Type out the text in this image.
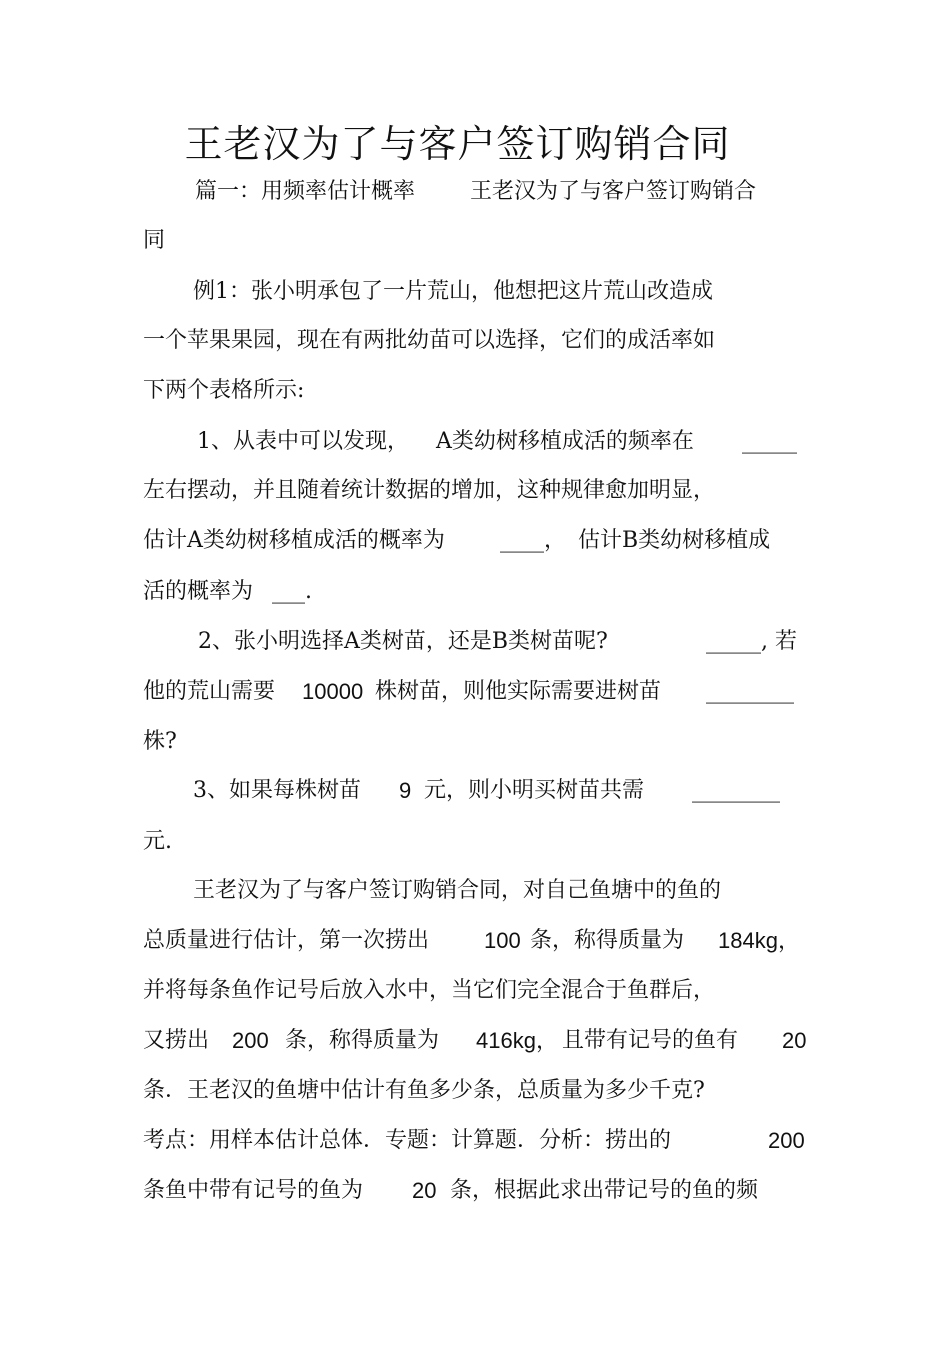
王老汉为了与客户签订购销合同
篇一：用频率估计概率 王老汉为了与客户签订购销合
同
例1：张小明承包了一片荒山，他想把这片荒山改造成
一个苹果果园，现在有两批幼苗可以选择，它们的成活率如
下两个表格所示:
1、从表中可以发现， A类幼树移植成活的频率在 _____
左右摆动，并且随着统计数据的增加，这种规律愈加明显，
估计A类幼树移植成活的概率为	____， 估计B类幼树移植成
活的概率为 ___.
2、张小明选择A类树苗，还是B类树苗呢?	_____, 若
他的荒山需要 10000 株树苗，则他实际需要进树苗 ________
株?
3、如果每株树苗 9 元，则小明买树苗共需 ________
元.
王老汉为了与客户签订购销合同，对自己鱼塘中的鱼的
总质量进行估计，第一次捞出 100 条，称得质量为 184kg，
并将每条鱼作记号后放入水中，当它们完全混合于鱼群后，
又捞出 200 条，称得质量为 416kg， 且带有记号的鱼有 20
条．王老汉的鱼塘中估计有鱼多少条，总质量为多少千克?
考点：用样本估计总体．专题：计算题．分析：捞出的	200
条鱼中带有记号的鱼为 20 条，根据此求出带记号的鱼的频
